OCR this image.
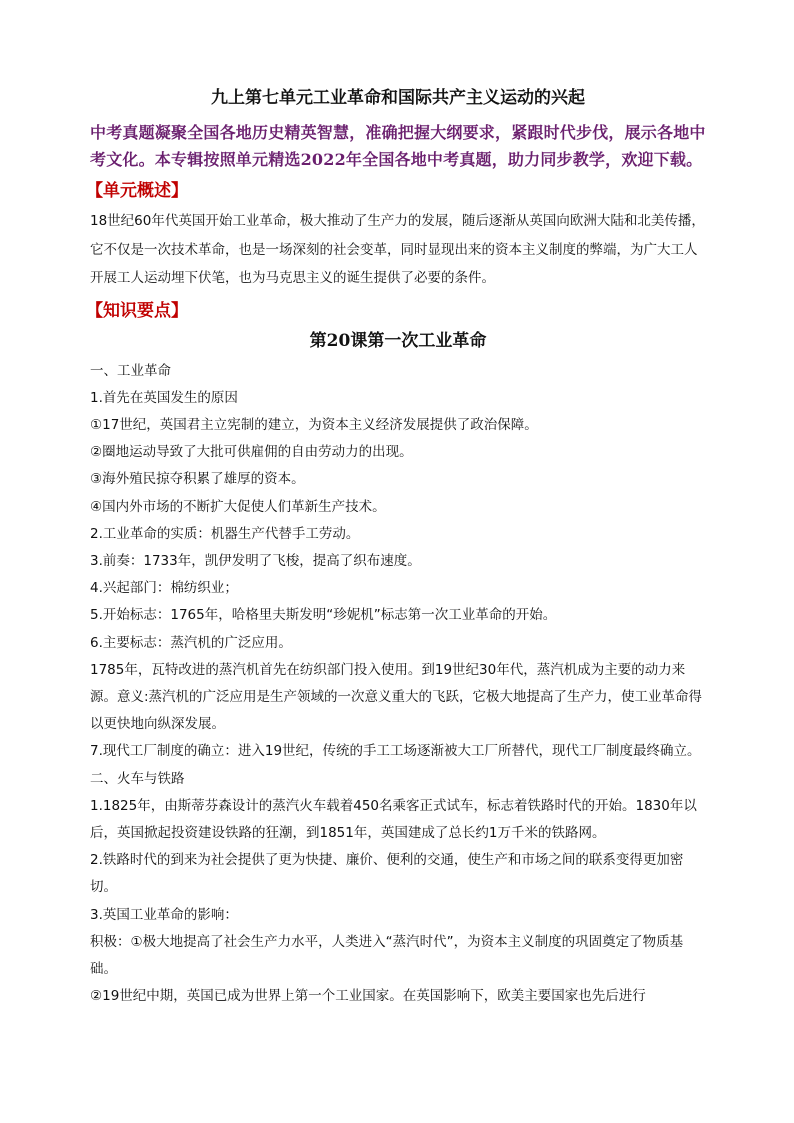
九上第七单元工业革命和国际共产主义运动的兴起

中考真题凝聚全国各地历史精英智慧，准确把握大纲要求，紧跟时代步伐，展示各地中考文化。本专辑按照单元精选2022年全国各地中考真题，助力同步教学，欢迎下载。

【单元概述】

18世纪60年代英国开始工业革命，极大推动了生产力的发展，随后逐渐从英国向欧洲大陆和北美传播，它不仅是一次技术革命，也是一场深刻的社会变革，同时显现出来的资本主义制度的弊端，为广大工人开展工人运动埋下伏笔，也为马克思主义的诞生提供了必要的条件。

【知识要点】
第20课第一次工业革命

一、工业革命

1.首先在英国发生的原因

①17世纪，英国君主立宪制的建立，为资本主义经济发展提供了政治保障。

②圈地运动导致了大批可供雇佣的自由劳动力的出现。

③海外殖民掠夺积累了雄厚的资本。

④国内外市场的不断扩大促使人们革新生产技术。

2.工业革命的实质：机器生产代替手工劳动。

3.前奏：1733年，凯伊发明了飞梭，提高了织布速度。

4.兴起部门：棉纺织业；

5.开始标志：1765年，哈格里夫斯发明“珍妮机”标志第一次工业革命的开始。

6.主要标志：蒸汽机的广泛应用。

1785年，瓦特改进的蒸汽机首先在纺织部门投入使用。到19世纪30年代，蒸汽机成为主要的动力来源。意义:蒸汽机的广泛应用是生产领域的一次意义重大的飞跃，它极大地提高了生产力，使工业革命得以更快地向纵深发展。

7.现代工厂制度的确立：进入19世纪，传统的手工工场逐渐被大工厂所替代，现代工厂制度最终确立。

二、火车与铁路

1.1825年，由斯蒂芬森设计的蒸汽火车载着450名乘客正式试车，标志着铁路时代的开始。1830年以后，英国掀起投资建设铁路的狂潮，到1851年，英国建成了总长约1万千米的铁路网。

2.铁路时代的到来为社会提供了更为快捷、廉价、便利的交通，使生产和市场之间的联系变得更加密切。

3.英国工业革命的影响：

积极：①极大地提高了社会生产力水平，人类进入“蒸汽时代”，为资本主义制度的巩固奠定了物质基础。

②19世纪中期，英国已成为世界上第一个工业国家。在英国影响下，欧美主要国家也先后进行
